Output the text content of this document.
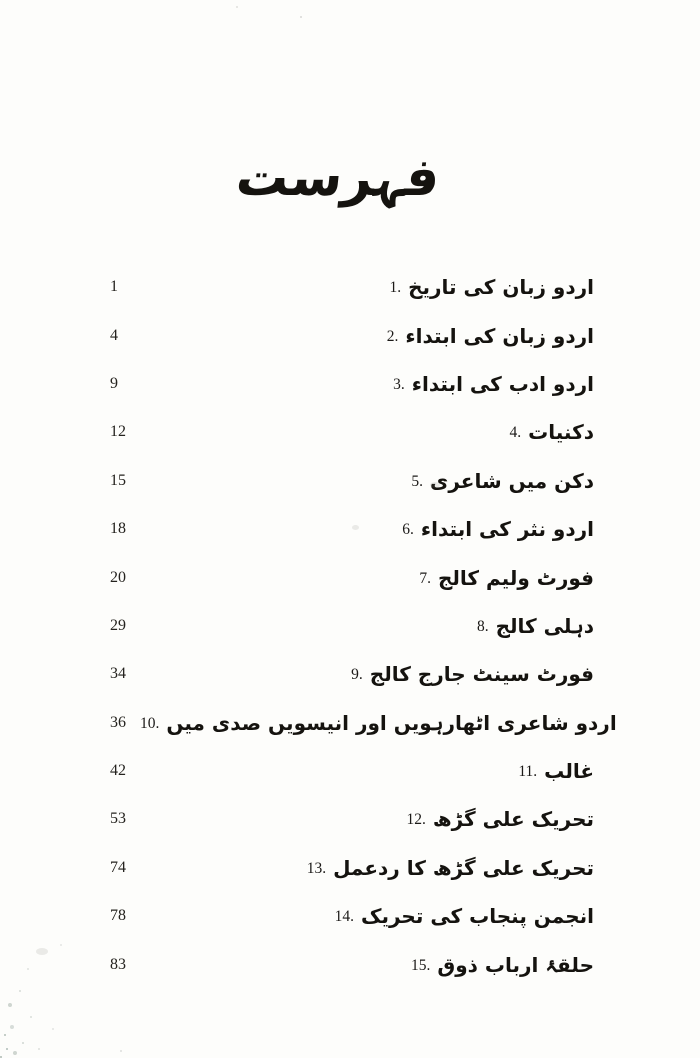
فہرست
1	1. اردو زبان کی تاریخ
4	2. اردو زبان کی ابتداء
9	3. اردو ادب کی ابتداء
12	4. دکنیات
15	5. دکن میں شاعری
18	6. اردو نثر کی ابتداء
20	7. فورٹ ولیم کالج
29	8. دہلی کالج
34	9. فورٹ سینٹ جارج کالج
36 10. اردو شاعری اٹھارہویں اور انیسویں صدی میں
42	11. غالب
53	12. تحریک علی گڑھ
74	13. تحریک علی گڑھ کا ردعمل
78	14. انجمن پنجاب کی تحریک
83	15. حلقۂ ارباب ذوق
